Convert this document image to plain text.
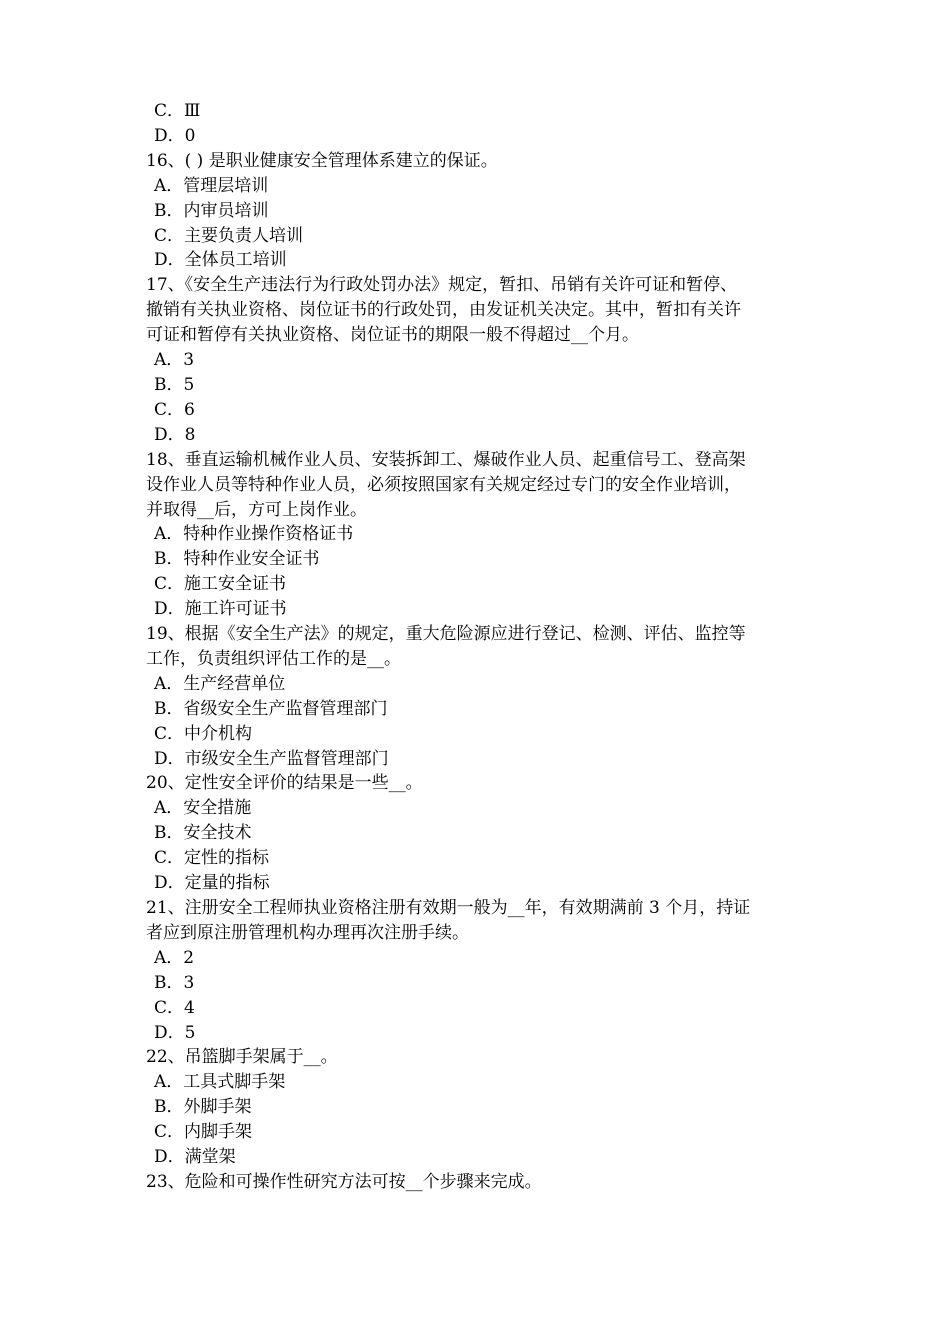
C．Ⅲ
D．0
16、( ) 是职业健康安全管理体系建立的保证。
A．管理层培训
B．内审员培训
C．主要负责人培训
D．全体员工培训
17、《安全生产违法行为行政处罚办法》规定，暂扣、吊销有关许可证和暂停、
撤销有关执业资格、岗位证书的行政处罚，由发证机关决定。其中，暂扣有关许
可证和暂停有关执业资格、岗位证书的期限一般不得超过__个月。
A．3
B．5
C．6
D．8
18、垂直运输机械作业人员、安装拆卸工、爆破作业人员、起重信号工、登高架
设作业人员等特种作业人员，必须按照国家有关规定经过专门的安全作业培训，
并取得__后，方可上岗作业。
A．特种作业操作资格证书
B．特种作业安全证书
C．施工安全证书
D．施工许可证书
19、根据《安全生产法》的规定，重大危险源应进行登记、检测、评估、监控等
工作，负责组织评估工作的是__。
A．生产经营单位
B．省级安全生产监督管理部门
C．中介机构
D．市级安全生产监督管理部门
20、定性安全评价的结果是一些__。
A．安全措施
B．安全技术
C．定性的指标
D．定量的指标
21、注册安全工程师执业资格注册有效期一般为__年，有效期满前 3 个月，持证
者应到原注册管理机构办理再次注册手续。
A．2
B．3
C．4
D．5
22、吊篮脚手架属于__。
A．工具式脚手架
B．外脚手架
C．内脚手架
D．满堂架
23、危险和可操作性研究方法可按__个步骤来完成。
